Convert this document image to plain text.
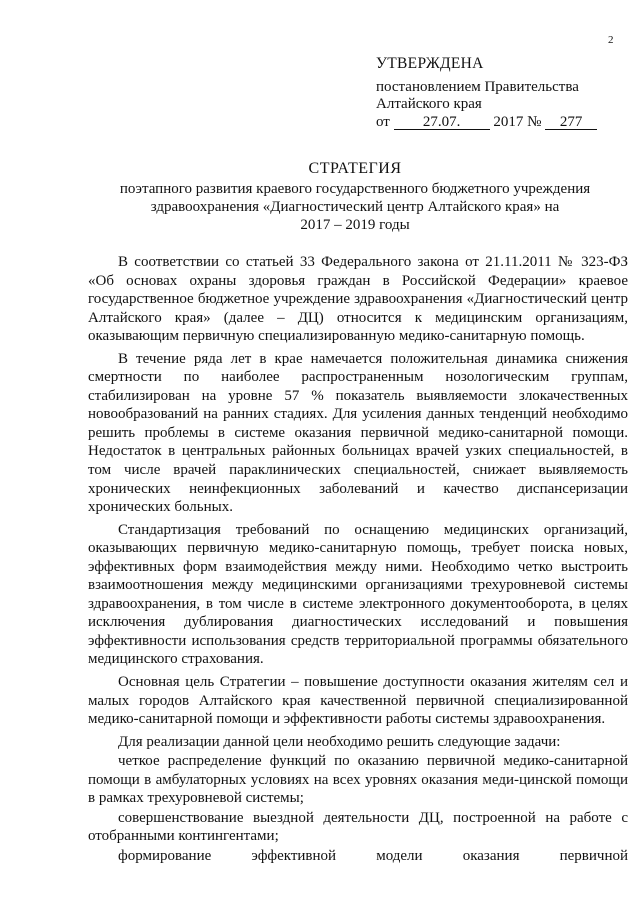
2
УТВЕРЖДЕНА
постановлением Правительства
Алтайского края
от 27.07. 2017 № 277
СТРАТЕГИЯ
поэтапного развития краевого государственного бюджетного учреждения
здравоохранения «Диагностический центр Алтайского края» на
2017 – 2019 годы

В соответствии со статьей 33 Федерального закона от 21.11.2011 № 323-ФЗ «Об основах охраны здоровья граждан в Российской Федерации» краевое государственное бюджетное учреждение здравоохранения «Диагностический центр Алтайского края» (далее – ДЦ) относится к медицинским организациям, оказывающим первичную специализированную медико-санитарную помощь.

В течение ряда лет в крае намечается положительная динамика снижения смертности по наиболее распространенным нозологическим группам, стабилизирован на уровне 57 % показатель выявляемости злокачественных новообразований на ранних стадиях. Для усиления данных тенденций необходимо решить проблемы в системе оказания первичной медико-санитарной помощи. Недостаток в центральных районных больницах врачей узких специальностей, в том числе врачей параклинических специальностей, снижает выявляемость хронических неинфекционных заболеваний и качество диспансеризации хронических больных.

Стандартизация требований по оснащению медицинских организаций, оказывающих первичную медико-санитарную помощь, требует поиска новых, эффективных форм взаимодействия между ними. Необходимо четко выстроить взаимоотношения между медицинскими организациями трехуровневой системы здравоохранения, в том числе в системе электронного документооборота, в целях исключения дублирования диагностических исследований и повышения эффективности использования средств территориальной программы обязательного медицинского страхования.

Основная цель Стратегии – повышение доступности оказания жителям сел и малых городов Алтайского края качественной первичной специализированной медико-санитарной помощи и эффективности работы системы здравоохранения.

Для реализации данной цели необходимо решить следующие задачи:

четкое распределение функций по оказанию первичной медико-санитарной помощи в амбулаторных условиях на всех уровнях оказания меди-цинской помощи в рамках трехуровневой системы;

совершенствование выездной деятельности ДЦ, построенной на работе с отобранными контингентами;

формирование эффективной модели оказания первичной
